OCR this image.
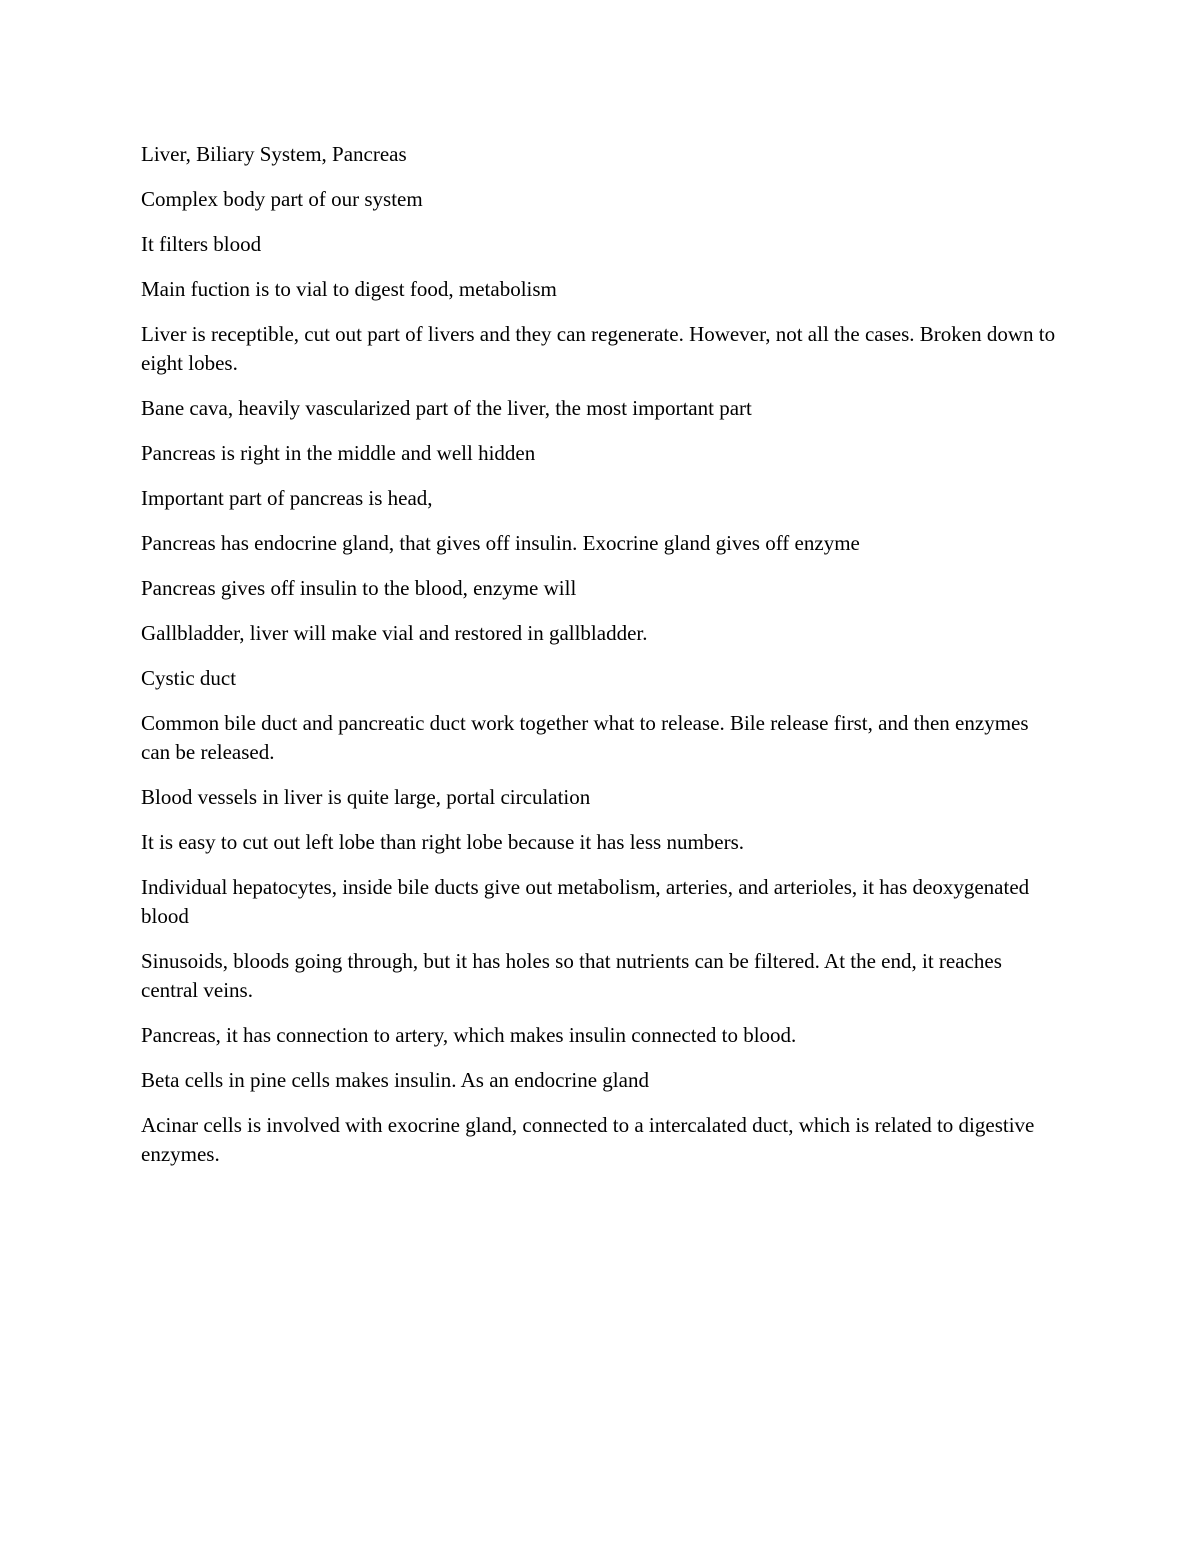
Liver, Biliary System, Pancreas

Complex body part of our system

It filters blood

Main fuction is to vial to digest food, metabolism

Liver is receptible, cut out part of livers and they can regenerate. However, not all the cases. Broken down to eight lobes.

Bane cava, heavily vascularized part of the liver, the most important part

Pancreas is right in the middle and well hidden

Important part of pancreas is head,

Pancreas has endocrine gland, that gives off insulin. Exocrine gland gives off enzyme

Pancreas gives off insulin to the blood, enzyme will

Gallbladder, liver will make vial and restored in gallbladder.

Cystic duct

Common bile duct and pancreatic duct work together what to release. Bile release first, and then enzymes can be released.

Blood vessels in liver is quite large, portal circulation

It is easy to cut out left lobe than right lobe because it has less numbers.

Individual hepatocytes, inside bile ducts give out metabolism, arteries, and arterioles, it has deoxygenated blood

Sinusoids, bloods going through, but it has holes so that nutrients can be filtered. At the end, it reaches central veins.

Pancreas, it has connection to artery, which makes insulin connected to blood.

Beta cells in pine cells makes insulin. As an endocrine gland

Acinar cells is involved with exocrine gland, connected to a intercalated duct, which is related to digestive enzymes.
